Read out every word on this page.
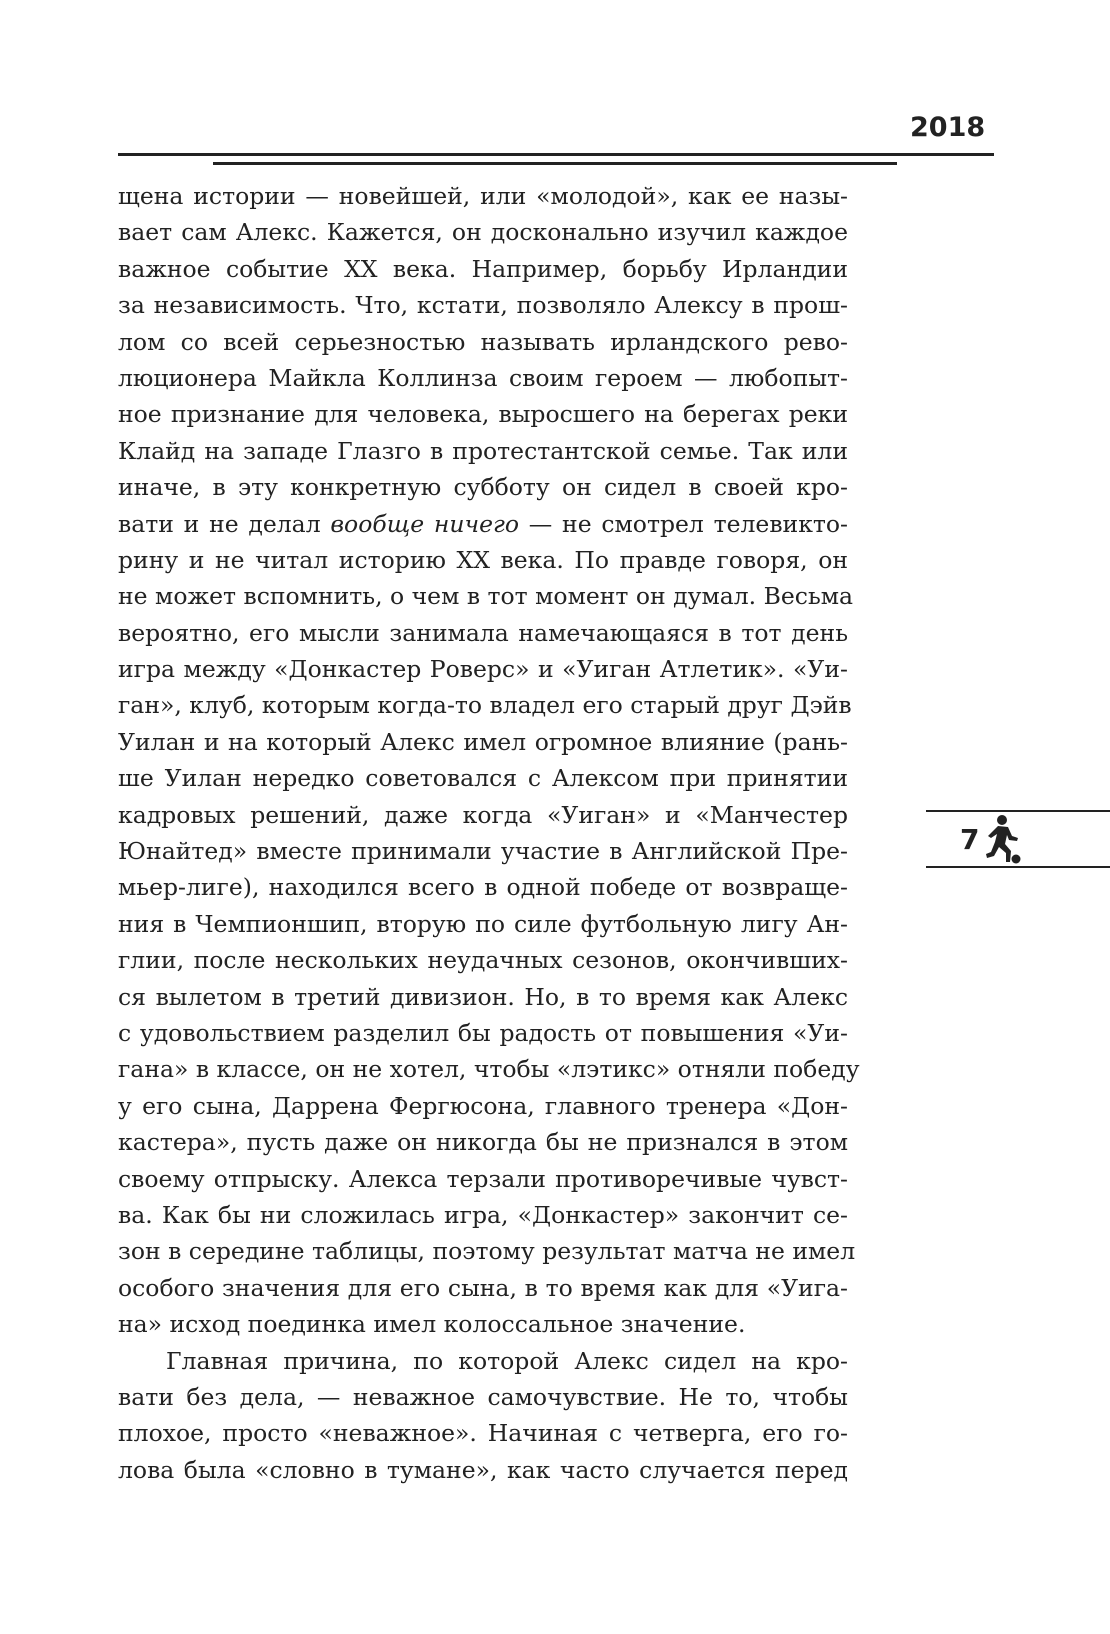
2018
щена истории — новейшей, или «молодой», как ее назы-
вает сам Алекс. Кажется, он досконально изучил каждое
важное событие XX века. Например, борьбу Ирландии
за независимость. Что, кстати, позволяло Алексу в прош-
лом со всей серьезностью называть ирландского рево-
люционера Майкла Коллинза своим героем — любопыт-
ное признание для человека, выросшего на берегах реки
Клайд на западе Глазго в протестантской семье. Так или
иначе, в эту конкретную субботу он сидел в своей кро-
вати и не делал вообще ничего — не смотрел телевикто-
рину и не читал историю XX века. По правде говоря, он
не может вспомнить, о чем в тот момент он думал. Весьма
вероятно, его мысли занимала намечающаяся в тот день
игра между «Донкастер Роверс» и «Уиган Атлетик». «Уи-
ган», клуб, которым когда-то владел его старый друг Дэйв
Уилан и на который Алекс имел огромное влияние (рань-
ше Уилан нередко советовался с Алексом при принятии
кадровых решений, даже когда «Уиган» и «Манчестер
Юнайтед» вместе принимали участие в Английской Пре-
мьер-лиге), находился всего в одной победе от возвраще-
ния в Чемпионшип, вторую по силе футбольную лигу Ан-
глии, после нескольких неудачных сезонов, окончивших-
ся вылетом в третий дивизион. Но, в то время как Алекс
с удовольствием разделил бы радость от повышения «Уи-
гана» в классе, он не хотел, чтобы «лэтикс» отняли победу
у его сына, Даррена Фергюсона, главного тренера «Дон-
кастера», пусть даже он никогда бы не признался в этом
своему отпрыску. Алекса терзали противоречивые чувст-
ва. Как бы ни сложилась игра, «Донкастер» закончит се-
зон в середине таблицы, поэтому результат матча не имел
особого значения для его сына, в то время как для «Уига-
на» исход поединка имел колоссальное значение.
Главная причина, по которой Алекс сидел на кро-
вати без дела, — неважное самочувствие. Не то, чтобы
плохое, просто «неважное». Начиная с четверга, его го-
лова была «словно в тумане», как часто случается перед
7
